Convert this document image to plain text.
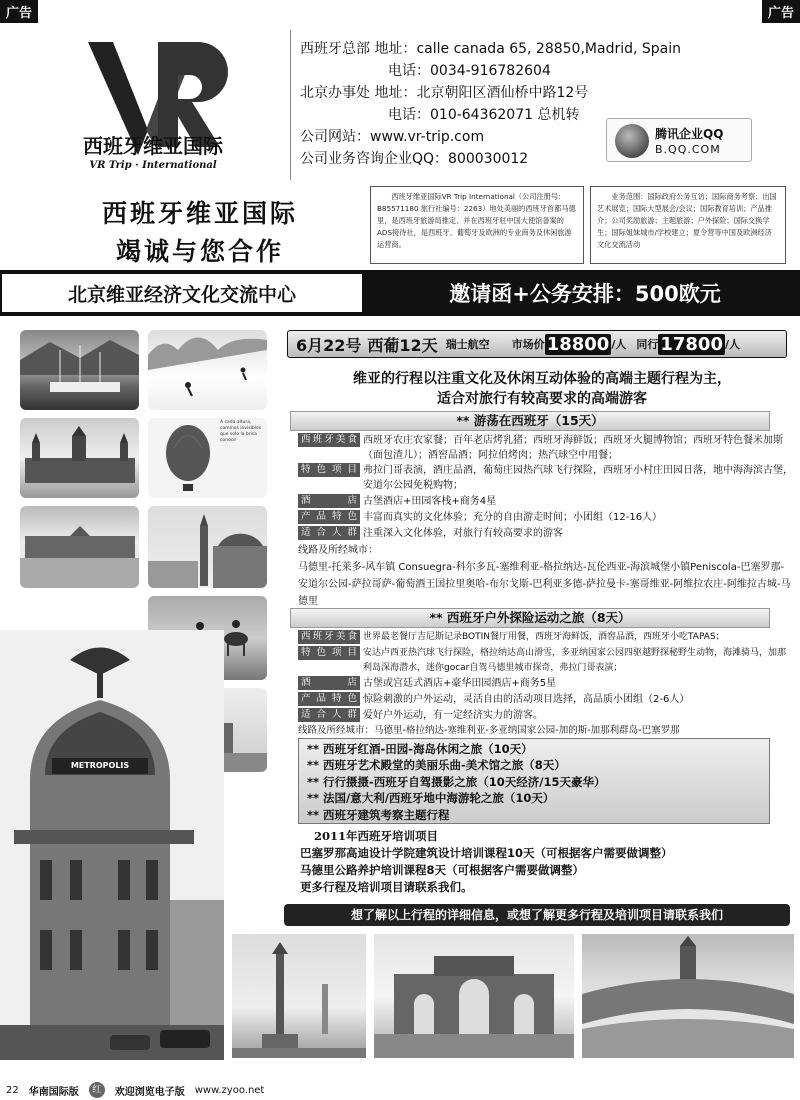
广告	广告
西班牙维亚国际
VR Trip · International
西班牙总部 地址：calle canada 65, 28850,Madrid, Spain
电话：0034-916782604
北京办事处 地址：北京朝阳区酒仙桥中路12号
电话：010-64362071 总机转
公司网站：www.vr-trip.com
公司业务咨询企业QQ：800030012
腾讯企业QQ
B.QQ.COM
西班牙维亚国际
竭诚与您合作
西班牙维亚国际VR Trip International（公司注册号：B85571180 旅行社编号：2263）地处美丽的西班牙首都马德里，是西班牙旅游局推定、并在西班牙驻中国大使馆备案的ADS接待社，是西班牙、葡萄牙及欧洲的专业商务及休闲旅游运营商。
业务范围：国际政府公务互访；国际商务考察；出国艺术展览；国际大型展会/会议；国际教育培训；产品推介；公司奖励旅游；主题旅游；户外探险；国际交换学生；国际姐妹城市/学校建立；夏令营等中国及欧洲经济文化交流活动
北京维亚经济文化交流中心	邀请函+公务安排：500欧元
A cada altura, caminos invisibles que solo la brisa conoce
METROPOLIS
6月22号 西葡12天 瑞士航空 市场价 18800 /人 同行 17800 /人
维亚的行程以注重文化及休闲互动体验的高端主题行程为主，
适合对旅行有较高要求的高端游客
** 游荡在西班牙（15天）
西班牙美食 西班牙农庄农家餐；百年老店烤乳猪；西班牙海鲜饭；西班牙火腿博物馆；西班牙特色餐米加斯（面包渣儿）；酒窖品酒；阿拉伯烤肉；热汽球空中用餐；
特色项目 弗拉门哥表演，酒庄品酒，葡萄庄园热汽球飞行探险，西班牙小村庄田园日落，地中海海滨古堡，安道尔公园免税购物；
酒店 古堡酒店+田园客栈+商务4星
产品特色 丰富而真实的文化体验；充分的自由游走时间；小团组（12-16人）
适合人群 注重深入文化体验，对旅行有较高要求的游客
线路及所经城市：
马德里-托莱多-风车镇 Consuegra-科尔多瓦-塞维利亚-格拉纳达-瓦伦西亚-海滨城堡小镇Peniscola-巴塞罗那-安道尔公园-萨拉哥萨-葡萄酒王国拉里奥哈-布尔戈斯-巴利亚多德-萨拉曼卡-塞哥维亚-阿维拉农庄-阿维拉古城-马德里
** 西班牙户外探险运动之旅（8天）
西班牙美食 世界最老餐厅吉尼斯记录BOTIN餐厅用餐，西班牙海鲜饭，酒窖品酒，西班牙小吃TAPAS；
特色项目 安达卢西亚热汽球飞行探险，格拉纳达高山滑雪，多亚纳国家公园四驱越野探秘野生动物，海滩骑马，加那利岛深海潜水，迷你gocar自驾马德里城市探奇，弗拉门哥表演；
酒店 古堡或宫廷式酒店+豪华田园酒店+商务5星
产品特色 惊险刺激的户外运动，灵活自由的活动项目选择，高品质小团组（2-6人）
适合人群 爱好户外运动，有一定经济实力的游客。
线路及所经城市：马德里-格拉纳达-塞维利亚-多亚纳国家公园-加的斯-加那利群岛-巴塞罗那
** 西班牙红酒-田园-海岛休闲之旅（10天）
** 西班牙艺术殿堂的美丽乐曲-美术馆之旅（8天）
** 行行摄摄-西班牙自驾摄影之旅（10天经济/15天豪华）
** 法国/意大利/西班牙地中海游轮之旅（10天）
** 西班牙建筑考察主题行程
2011年西班牙培训项目
巴塞罗那高迪设计学院建筑设计培训课程10天（可根据客户需要做调整）
马德里公路养护培训课程8天（可根据客户需要做调整）
更多行程及培训项目请联系我们。
想了解以上行程的详细信息，或想了解更多行程及培训项目请联系我们
22 华南国际版	红	欢迎浏览电子版 www.zyoo.net
